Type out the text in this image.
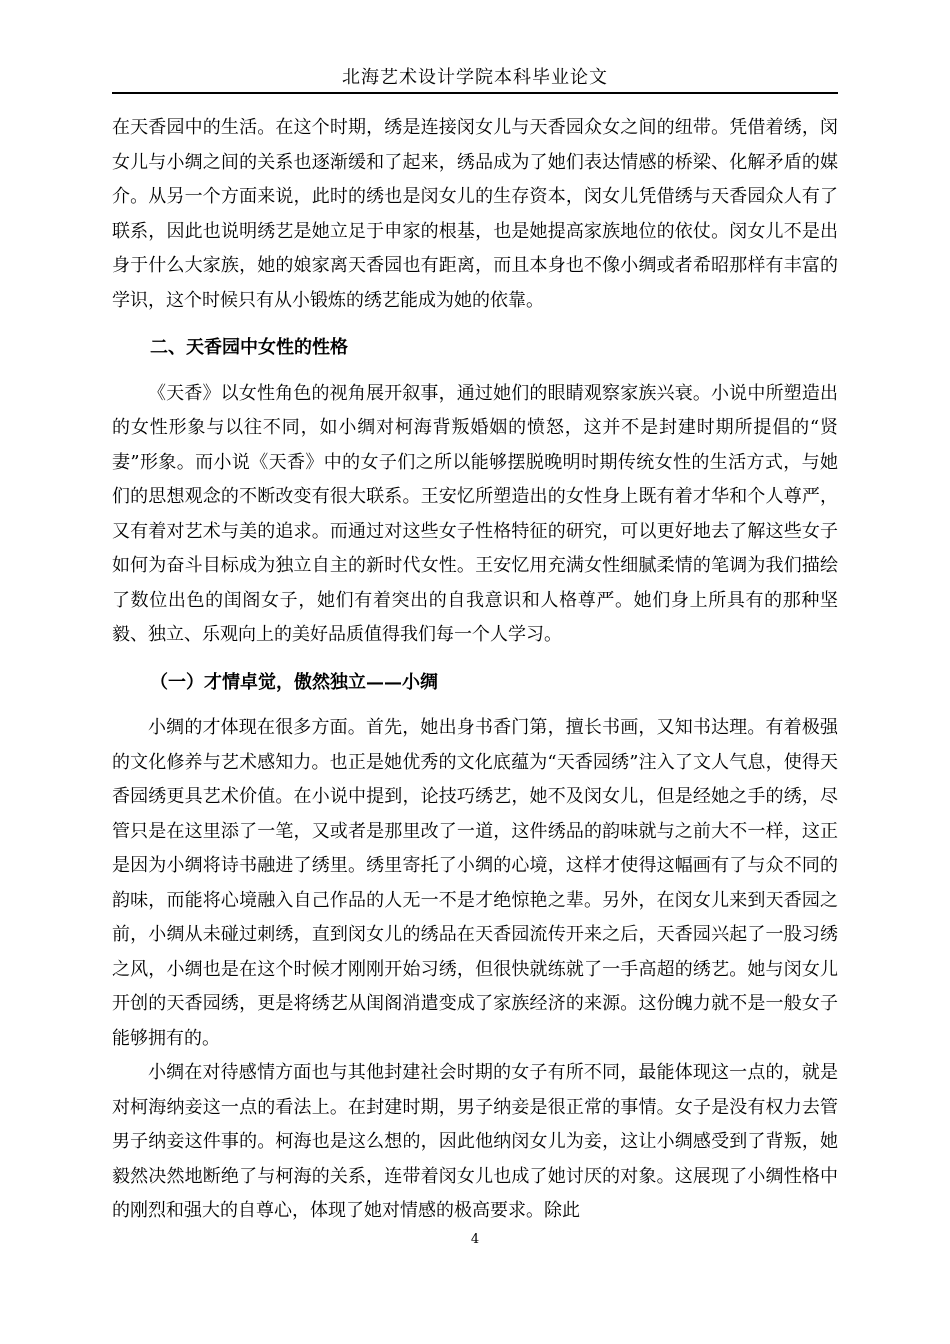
北海艺术设计学院本科毕业论文

在天香园中的生活。在这个时期，绣是连接闵女儿与天香园众女之间的纽带。凭借着绣，闵女儿与小绸之间的关系也逐渐缓和了起来，绣品成为了她们表达情感的桥梁、化解矛盾的媒介。从另一个方面来说，此时的绣也是闵女儿的生存资本，闵女儿凭借绣与天香园众人有了联系，因此也说明绣艺是她立足于申家的根基，也是她提高家族地位的依仗。闵女儿不是出身于什么大家族，她的娘家离天香园也有距离，而且本身也不像小绸或者希昭那样有丰富的学识，这个时候只有从小锻炼的绣艺能成为她的依靠。

二、天香园中女性的性格

《天香》以女性角色的视角展开叙事，通过她们的眼睛观察家族兴衰。小说中所塑造出的女性形象与以往不同，如小绸对柯海背叛婚姻的愤怒，这并不是封建时期所提倡的“贤妻”形象。而小说《天香》中的女子们之所以能够摆脱晚明时期传统女性的生活方式，与她们的思想观念的不断改变有很大联系。王安忆所塑造出的女性身上既有着才华和个人尊严，又有着对艺术与美的追求。而通过对这些女子性格特征的研究，可以更好地去了解这些女子如何为奋斗目标成为独立自主的新时代女性。王安忆用充满女性细腻柔情的笔调为我们描绘了数位出色的闺阁女子，她们有着突出的自我意识和人格尊严。她们身上所具有的那种坚毅、独立、乐观向上的美好品质值得我们每一个人学习。

（一）才情卓觉，傲然独立——小绸

小绸的才体现在很多方面。首先，她出身书香门第，擅长书画，又知书达理。有着极强的文化修养与艺术感知力。也正是她优秀的文化底蕴为“天香园绣”注入了文人气息，使得天香园绣更具艺术价值。在小说中提到，论技巧绣艺，她不及闵女儿，但是经她之手的绣，尽管只是在这里添了一笔，又或者是那里改了一道，这件绣品的韵味就与之前大不一样，这正是因为小绸将诗书融进了绣里。绣里寄托了小绸的心境，这样才使得这幅画有了与众不同的韵味，而能将心境融入自己作品的人无一不是才绝惊艳之辈。另外，在闵女儿来到天香园之前，小绸从未碰过刺绣，直到闵女儿的绣品在天香园流传开来之后，天香园兴起了一股习绣之风，小绸也是在这个时候才刚刚开始习绣，但很快就练就了一手高超的绣艺。她与闵女儿开创的天香园绣，更是将绣艺从闺阁消遣变成了家族经济的来源。这份魄力就不是一般女子能够拥有的。

小绸在对待感情方面也与其他封建社会时期的女子有所不同，最能体现这一点的，就是对柯海纳妾这一点的看法上。在封建时期，男子纳妾是很正常的事情。女子是没有权力去管男子纳妾这件事的。柯海也是这么想的，因此他纳闵女儿为妾，这让小绸感受到了背叛，她毅然决然地断绝了与柯海的关系，连带着闵女儿也成了她讨厌的对象。这展现了小绸性格中的刚烈和强大的自尊心，体现了她对情感的极高要求。除此

4
